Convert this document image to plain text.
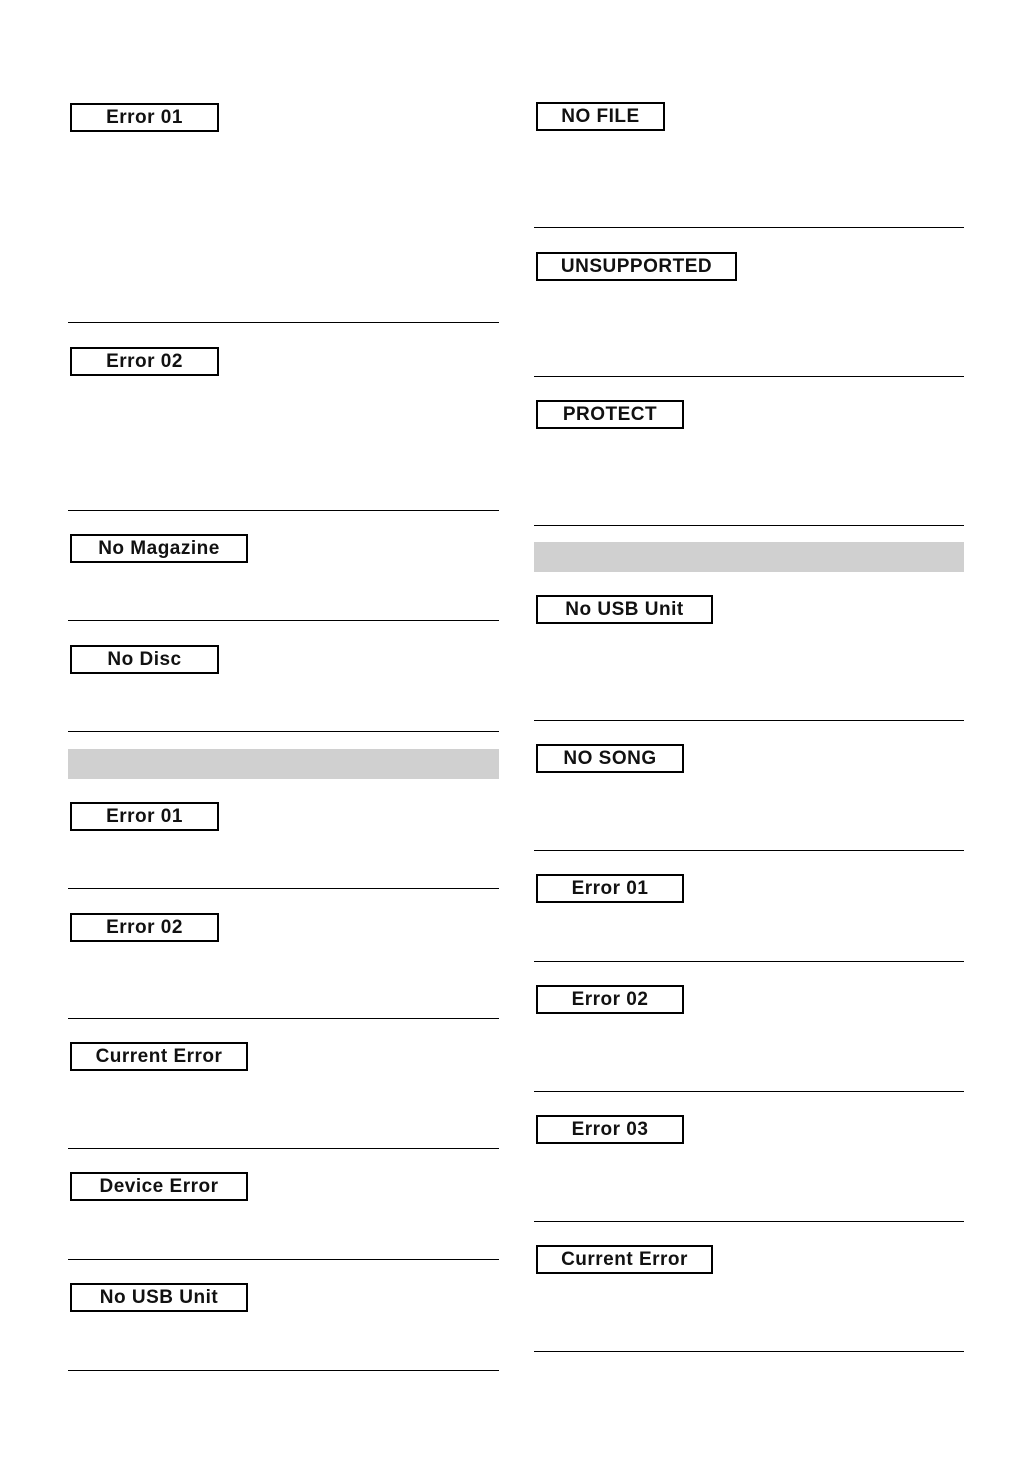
Error 01
Error 02
No Magazine
No Disc
Error 01
Error 02
Current Error
Device Error
No USB Unit
NO FILE
UNSUPPORTED
PROTECT
No USB Unit
NO SONG
Error 01
Error 02
Error 03
Current Error
